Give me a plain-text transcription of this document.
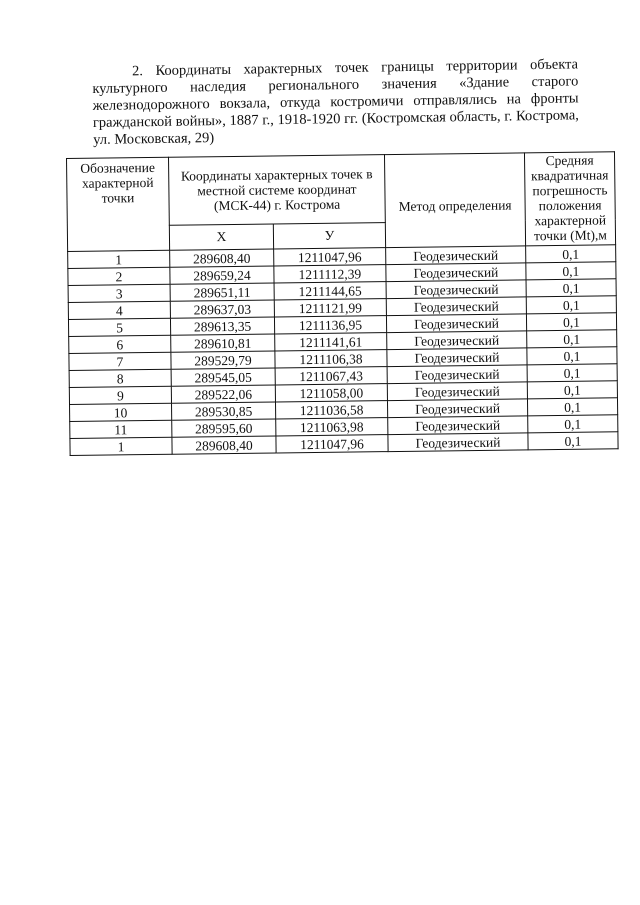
2. Координаты характерных точек границы территории объекта культурного наследия регионального значения «Здание старого железнодорожного вокзала, откуда костромичи отправлялись на фронты гражданской войны», 1887 г., 1918-1920 гг. (Костромская область, г. Кострома, ул. Московская, 29)

Обозначение характерной точки	Координаты характерных точек в местной системе координат (МСК-44) г. Кострома		Метод определения	Средняя квадратичная погрешность положения характерной точки (Mt),м
	Х	У		
1	289608,40	1211047,96	Геодезический	0,1
2	289659,24	1211112,39	Геодезический	0,1
3	289651,11	1211144,65	Геодезический	0,1
4	289637,03	1211121,99	Геодезический	0,1
5	289613,35	1211136,95	Геодезический	0,1
6	289610,81	1211141,61	Геодезический	0,1
7	289529,79	1211106,38	Геодезический	0,1
8	289545,05	1211067,43	Геодезический	0,1
9	289522,06	1211058,00	Геодезический	0,1
10	289530,85	1211036,58	Геодезический	0,1
11	289595,60	1211063,98	Геодезический	0,1
1	289608,40	1211047,96	Геодезический	0,1
